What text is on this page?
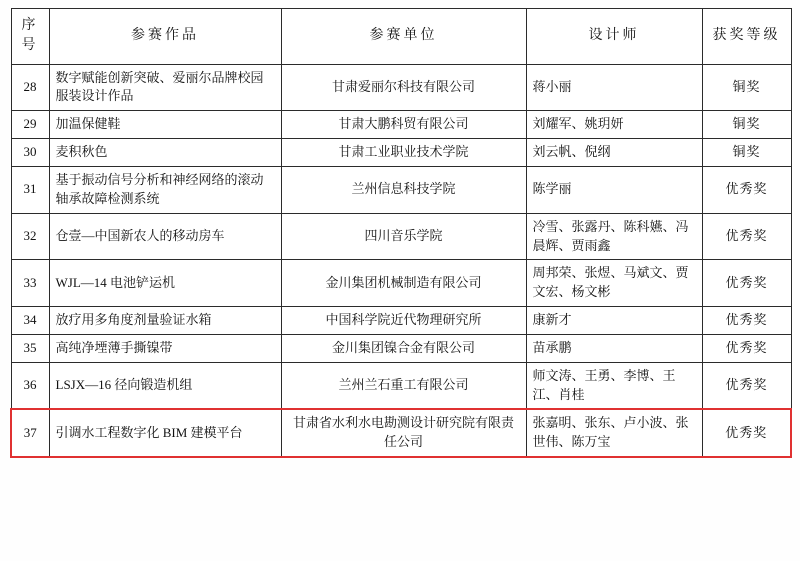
序号	参赛作品	参赛单位	设计师	获奖等级
28	数字赋能创新突破、爱丽尔品牌校园服装设计作品	甘肃爱丽尔科技有限公司	蒋小丽	铜奖
29	加温保健鞋	甘肃大鹏科贸有限公司	刘耀军、姚玥妍	铜奖
30	麦积秋色	甘肃工业职业技术学院	刘云帆、倪纲	铜奖
31	基于振动信号分析和神经网络的滚动轴承故障检测系统	兰州信息科技学院	陈学丽	优秀奖
32	仓壹—中国新农人的移动房车	四川音乐学院	冷雪、张露丹、陈科嬿、冯晨辉、贾雨鑫	优秀奖
33	WJL—14 电池铲运机	金川集团机械制造有限公司	周邦荣、张煜、马斌文、贾文宏、杨文彬	优秀奖
34	放疗用多角度剂量验证水箱	中国科学院近代物理研究所	康新才	优秀奖
35	高纯净堙薄手撕镍带	金川集团镍合金有限公司	苗承鹏	优秀奖
36	LSJX—16 径向锻造机组	兰州兰石重工有限公司	师文涛、王勇、李博、王江、肖桂	优秀奖
37	引调水工程数字化 BIM 建模平台	甘肃省水利水电勘测设计研究院有限责任公司	张嘉明、张东、卢小波、张世伟、陈万宝	优秀奖
